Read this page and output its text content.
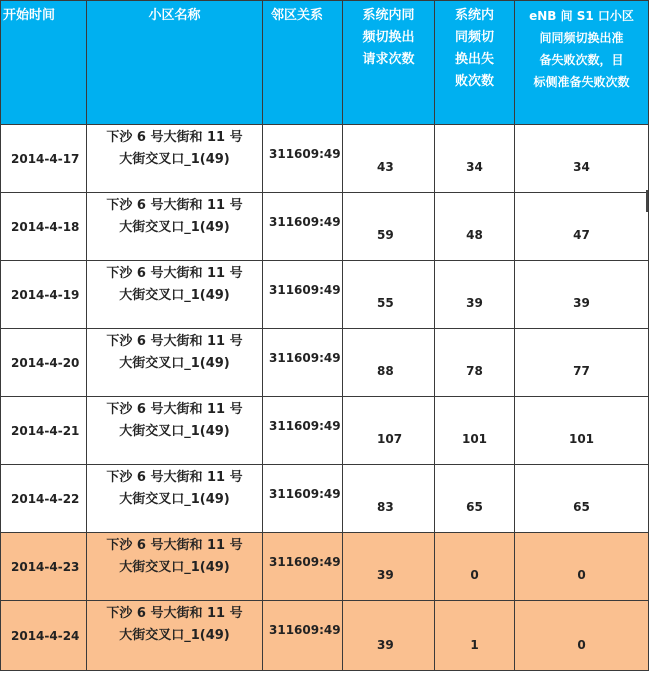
开始时间	小区名称	邻区关系	系统内同
频切换出
请求次数	系统内
同频切
换出失
败次数	eNB 间 S1 口小区
间同频切换出准
备失败次数，目
标侧准备失败次数

2014-4-17	下沙 6 号大街和 11 号
大街交叉口_1(49)	311609:49	43	34	34
2014-4-18	下沙 6 号大街和 11 号
大街交叉口_1(49)	311609:49	59	48	47
2014-4-19	下沙 6 号大街和 11 号
大街交叉口_1(49)	311609:49	55	39	39
2014-4-20	下沙 6 号大街和 11 号
大街交叉口_1(49)	311609:49	88	78	77
2014-4-21	下沙 6 号大街和 11 号
大街交叉口_1(49)	311609:49	107	101	101
2014-4-22	下沙 6 号大街和 11 号
大街交叉口_1(49)	311609:49	83	65	65
2014-4-23	下沙 6 号大街和 11 号
大街交叉口_1(49)	311609:49	39	0	0
2014-4-24	下沙 6 号大街和 11 号
大街交叉口_1(49)	311609:49	39	1	0
